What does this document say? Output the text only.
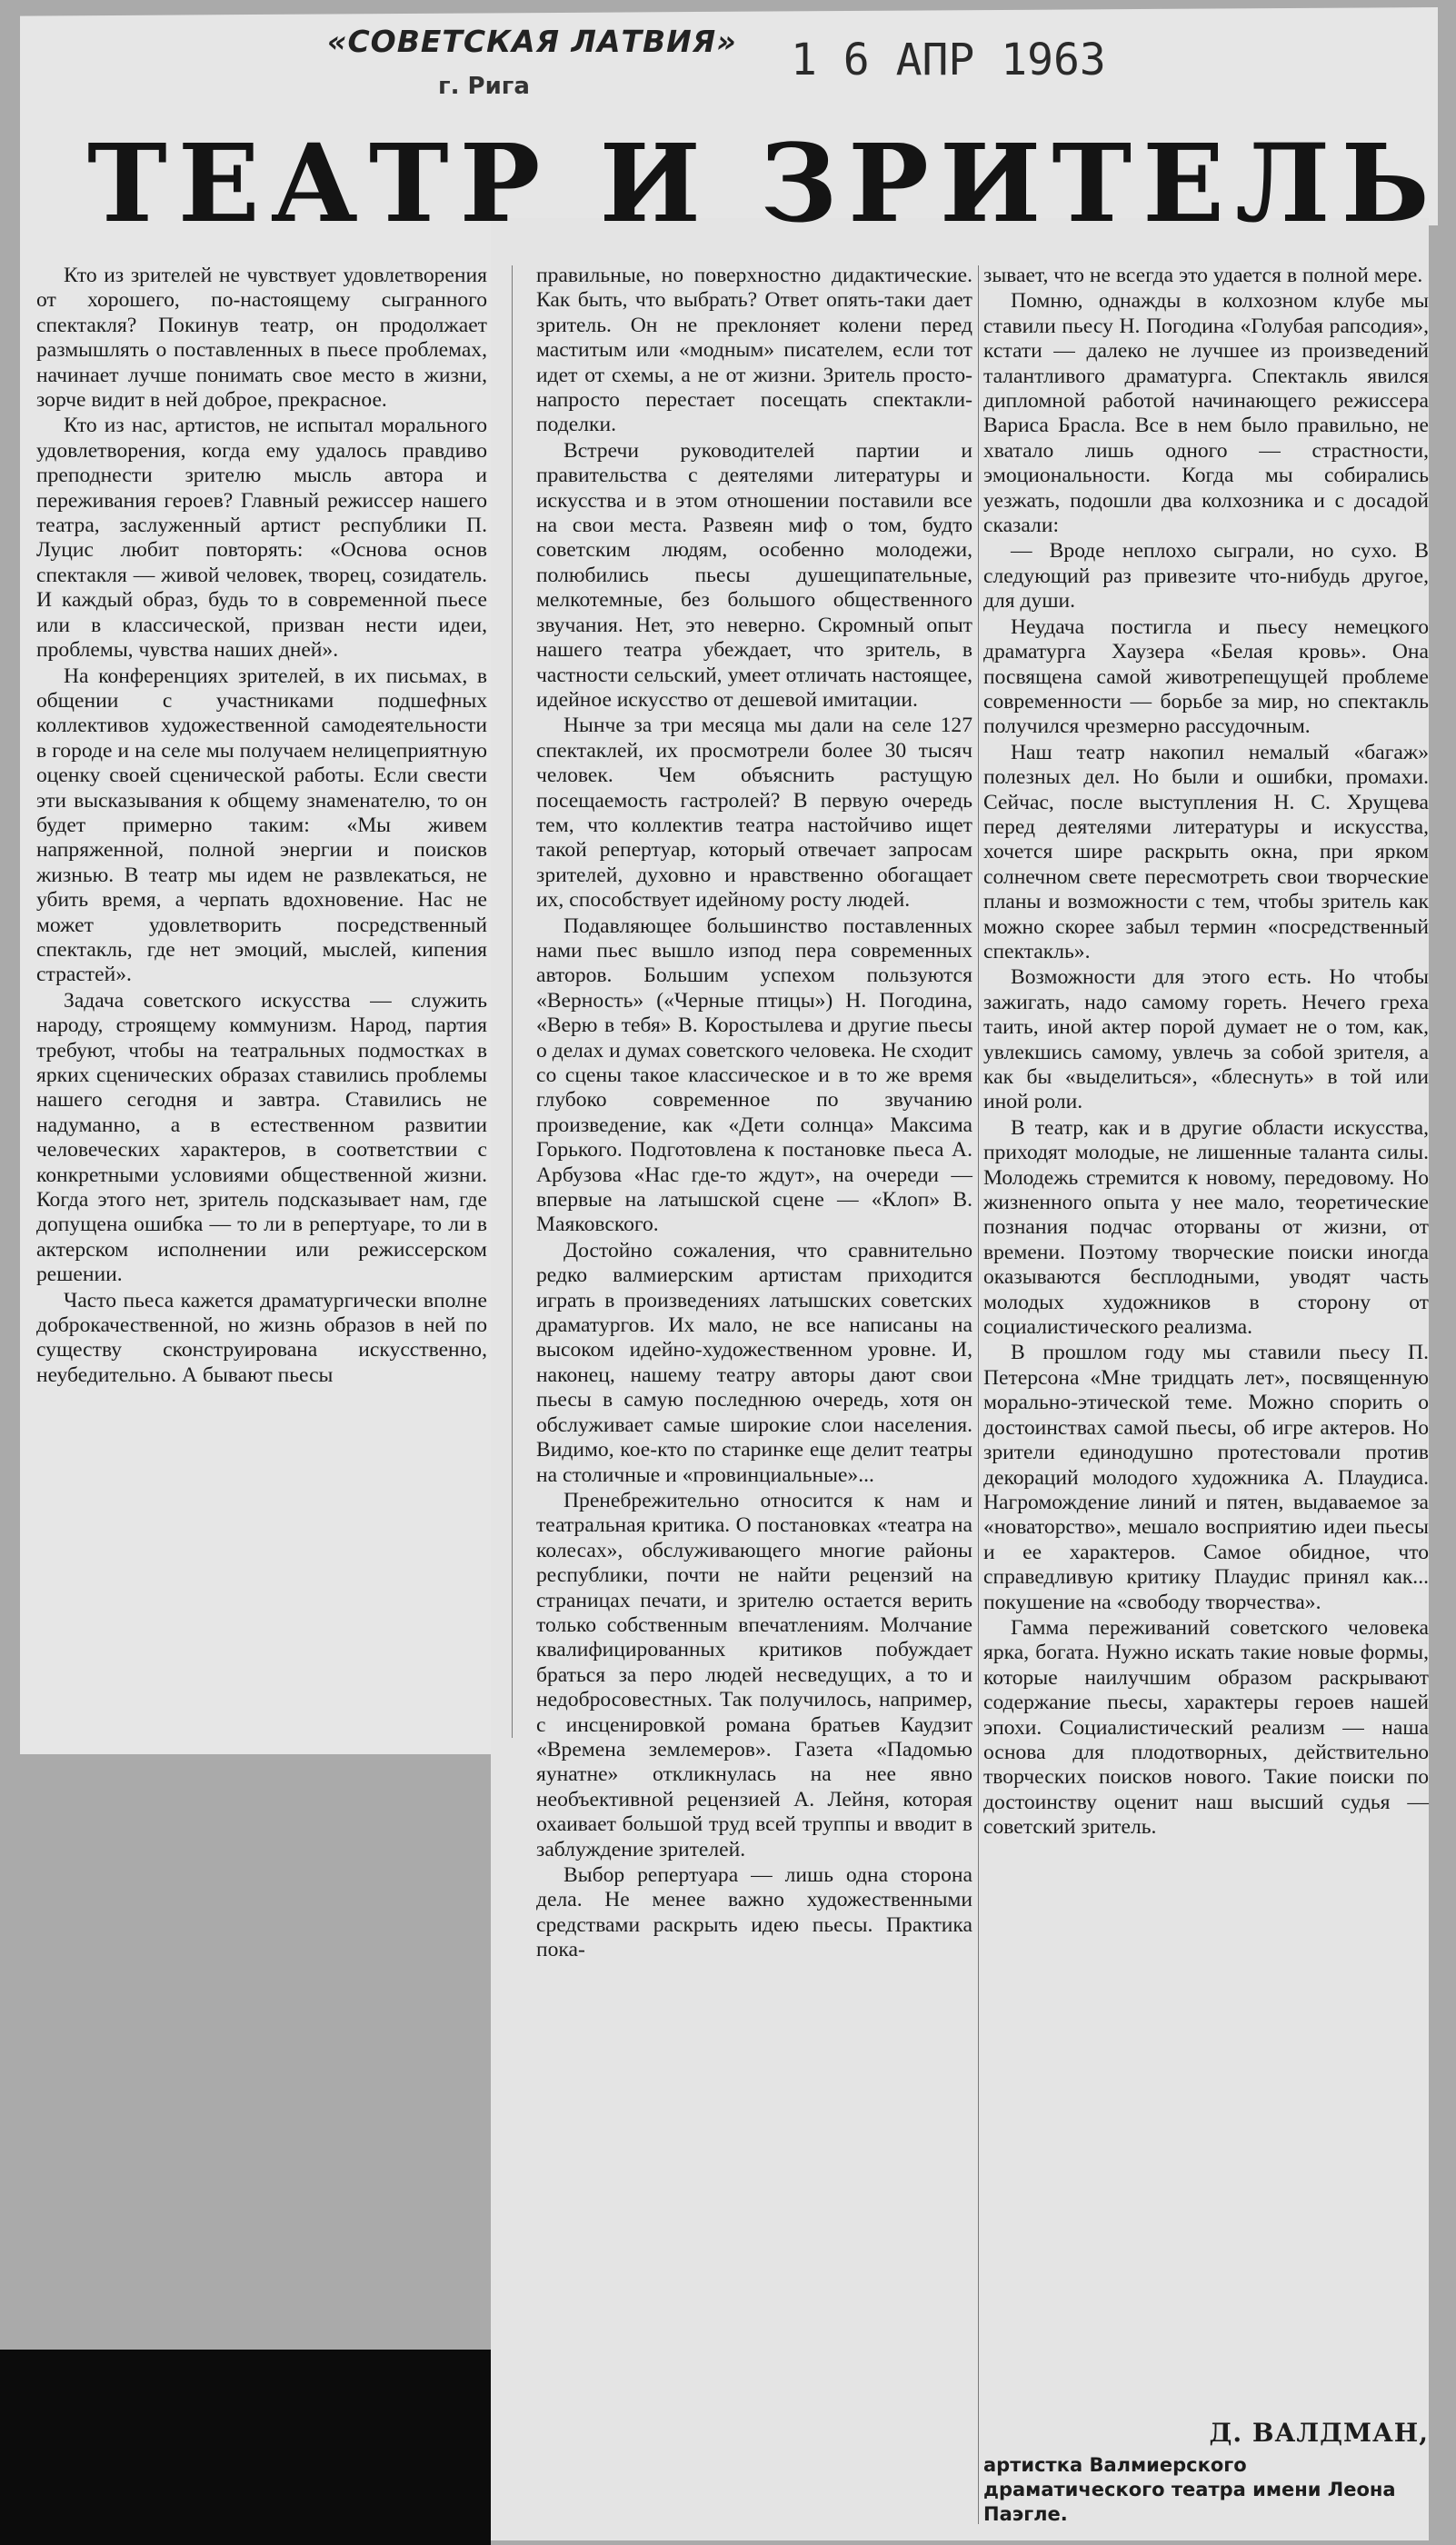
«СОВЕТСКАЯ ЛАТВИЯ» 1 6 АПР 1963
г. Рига
ТЕАТР И ЗРИТЕЛЬ

Кто из зрителей не чувствует удовлетворения от хорошего, по-настоящему сыгранного спектакля? Покинув театр, он продолжает размышлять о поставленных в пьесе проблемах, начинает лучше понимать свое место в жизни, зорче видит в ней доброе, прекрасное.

Кто из нас, артистов, не испытал морального удовлетворения, когда ему удалось правдиво преподнести зрителю мысль автора и переживания героев? Главный режиссер нашего театра, заслуженный артист республики П. Луцис любит повторять: «Основа основ спектакля — живой человек, творец, созидатель. И каждый образ, будь то в современной пьесе или в классической, призван нести идеи, проблемы, чувства наших дней».

На конференциях зрителей, в их письмах, в общении с участниками подшефных коллективов художественной самодеятельности в городе и на селе мы получаем нелицеприятную оценку своей сценической работы. Если свести эти высказывания к общему знаменателю, то он будет примерно таким: «Мы живем напряженной, полной энергии и поисков жизнью. В театр мы идем не развлекаться, не убить время, а черпать вдохновение. Нас не может удовлетворить посредственный спектакль, где нет эмоций, мыслей, кипения страстей».

Задача советского искусства — служить народу, строящему коммунизм. Народ, партия требуют, чтобы на театральных подмостках в ярких сценических образах ставились проблемы нашего сегодня и завтра. Ставились не надуманно, а в естественном развитии человеческих характеров, в соответствии с конкретными условиями общественной жизни. Когда этого нет, зритель подсказывает нам, где допущена ошибка — то ли в репертуаре, то ли в актерском исполнении или режиссерском решении.

Часто пьеса кажется драматургически вполне доброкачественной, но жизнь образов в ней по существу сконструирована искусственно, неубедительно. А бывают пьесы

правильные, но поверхностно дидактические. Как быть, что выбрать? Ответ опять-таки дает зритель. Он не преклоняет колени перед маститым или «модным» писателем, если тот идет от схемы, а не от жизни. Зритель просто-напросто перестает посещать спектакли-поделки.

Встречи руководителей партии и правительства с деятелями литературы и искусства и в этом отношении поставили все на свои места. Развеян миф о том, будто советским людям, особенно молодежи, полюбились пьесы душещипательные, мелкотемные, без большого общественного звучания. Нет, это неверно. Скромный опыт нашего театра убеждает, что зритель, в частности сельский, умеет отличать настоящее, идейное искусство от дешевой имитации.

Нынче за три месяца мы дали на селе 127 спектаклей, их просмотрели более 30 тысяч человек. Чем объяснить растущую посещаемость гастролей? В первую очередь тем, что коллектив театра настойчиво ищет такой репертуар, который отвечает запросам зрителей, духовно и нравственно обогащает их, способствует идейному росту людей.

Подавляющее большинство поставленных нами пьес вышло изпод пера современных авторов. Большим успехом пользуются «Верность» («Черные птицы») Н. Погодина, «Верю в тебя» В. Коростылева и другие пьесы о делах и думах советского человека. Не сходит со сцены такое классическое и в то же время глубоко современное по звучанию произведение, как «Дети солнца» Максима Горького. Подготовлена к постановке пьеса А. Арбузова «Нас где-то ждут», на очереди — впервые на латышской сцене — «Клоп» В. Маяковского.

Достойно сожаления, что сравнительно редко валмиерским артистам приходится играть в произведениях латышских советских драматургов. Их мало, не все написаны на высоком идейно-художественном уровне. И, наконец, нашему театру авторы дают свои пьесы в самую последнюю очередь, хотя он обслуживает самые широкие слои населения. Видимо, кое-кто по старинке еще делит театры на столичные и «провинциальные»...

Пренебрежительно относится к нам и театральная критика. О постановках «театра на колесах», обслуживающего многие районы республики, почти не найти рецензий на страницах печати, и зрителю остается верить только собственным впечатлениям. Молчание квалифицированных критиков побуждает браться за перо людей несведущих, а то и недобросовестных. Так получилось, например, с инсценировкой романа братьев Каудзит «Времена землемеров». Газета «Падомью яунатне» откликнулась на нее явно необъективной рецензией А. Лейня, которая охаивает большой труд всей труппы и вводит в заблуждение зрителей.

Выбор репертуара — лишь одна сторона дела. Не менее важно художественными средствами раскрыть идею пьесы. Практика пока-

зывает, что не всегда это удается в полной мере.

Помню, однажды в колхозном клубе мы ставили пьесу Н. Погодина «Голубая рапсодия», кстати — далеко не лучшее из произведений талантливого драматурга. Спектакль явился дипломной работой начинающего режиссера Вариса Брасла. Все в нем было правильно, не хватало лишь одного — страстности, эмоциональности. Когда мы собирались уезжать, подошли два колхозника и с досадой сказали:

— Вроде неплохо сыграли, но сухо. В следующий раз привезите что-нибудь другое, для души.

Неудача постигла и пьесу немецкого драматурга Хаузера «Белая кровь». Она посвящена самой животрепещущей проблеме современности — борьбе за мир, но спектакль получился чрезмерно рассудочным.

Наш театр накопил немалый «багаж» полезных дел. Но были и ошибки, промахи. Сейчас, после выступления Н. С. Хрущева перед деятелями литературы и искусства, хочется шире раскрыть окна, при ярком солнечном свете пересмотреть свои творческие планы и возможности с тем, чтобы зритель как можно скорее забыл термин «посредственный спектакль».

Возможности для этого есть. Но чтобы зажигать, надо самому гореть. Нечего греха таить, иной актер порой думает не о том, как, увлекшись самому, увлечь за собой зрителя, а как бы «выделиться», «блеснуть» в той или иной роли.

В театр, как и в другие области искусства, приходят молодые, не лишенные таланта силы. Молодежь стремится к новому, передовому. Но жизненного опыта у нее мало, теоретические познания подчас оторваны от жизни, от времени. Поэтому творческие поиски иногда оказываются бесплодными, уводят часть молодых художников в сторону от социалистического реализма.

В прошлом году мы ставили пьесу П. Петерсона «Мне тридцать лет», посвященную морально-этической теме. Можно спорить о достоинствах самой пьесы, об игре актеров. Но зрители единодушно протестовали против декораций молодого художника А. Плаудиса. Нагромождение линий и пятен, выдаваемое за «новаторство», мешало восприятию идеи пьесы и ее характеров. Самое обидное, что справедливую критику Плаудис принял как... покушение на «свободу творчества».

Гамма переживаний советского человека ярка, богата. Нужно искать такие новые формы, которые наилучшим образом раскрывают содержание пьесы, характеры героев нашей эпохи. Социалистический реализм — наша основа для плодотворных, действительно творческих поисков нового. Такие поиски по достоинству оценит наш высший судья — советский зритель.

Д. ВАЛДМАН,
артистка Валмиерского драматического театра имени Леона Паэгле.
